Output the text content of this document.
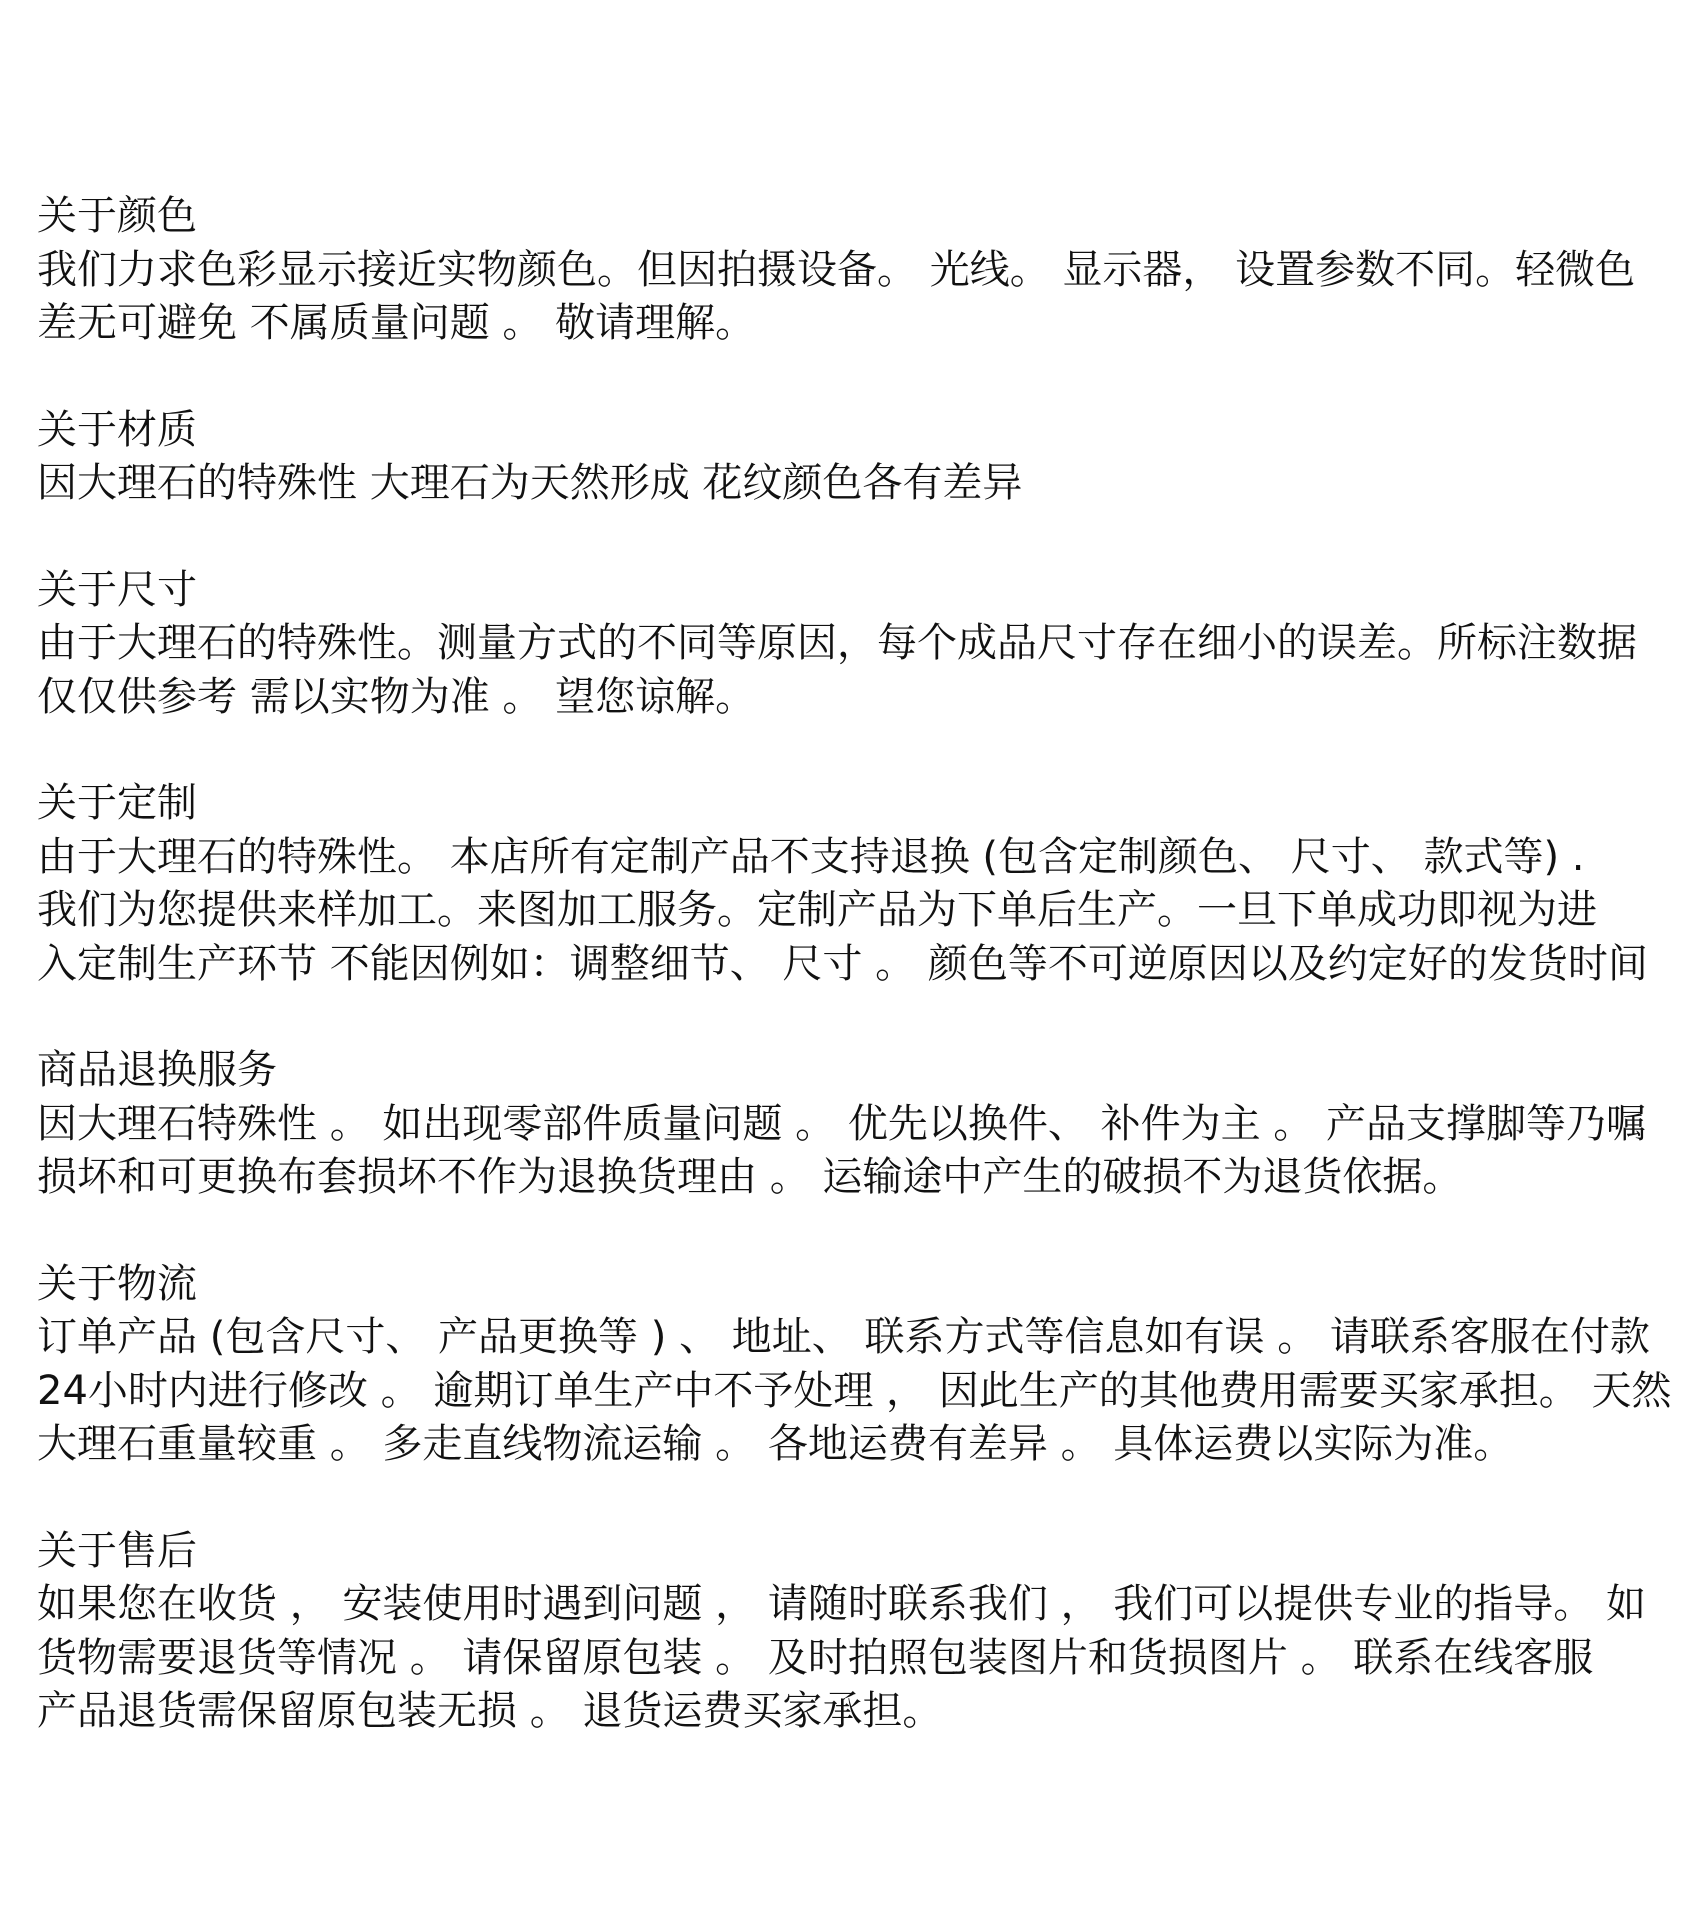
关于颜色
我们力求色彩显示接近实物颜色。但因拍摄设备。 光线。 显示器， 设置参数不同。轻微色
差无可避免 不属质量问题 。 敬请理解。
关于材质
因大理石的特殊性 大理石为天然形成 花纹颜色各有差异
关于尺寸
由于大理石的特殊性。测量方式的不同等原因，每个成品尺寸存在细小的误差。所标注数据
仅仅供参考 需以实物为准 。 望您谅解。
关于定制
由于大理石的特殊性。 本店所有定制产品不支持退换 (包含定制颜色、 尺寸、 款式等) .
我们为您提供来样加工。来图加工服务。定制产品为下单后生产。一旦下单成功即视为进
入定制生产环节 不能因例如：调整细节、 尺寸 。 颜色等不可逆原因以及约定好的发货时间
商品退换服务
因大理石特殊性 。 如出现零部件质量问题 。 优先以换件、 补件为主 。 产品支撑脚等乃嘱
损坏和可更换布套损坏不作为退换货理由 。 运输途中产生的破损不为退货依据。
关于物流
订单产品 (包含尺寸、 产品更换等 ) 、 地址、 联系方式等信息如有误 。 请联系客服在付款
24小时内进行修改 。 逾期订单生产中不予处理 ， 因此生产的其他费用需要买家承担。 天然
大理石重量较重 。 多走直线物流运输 。 各地运费有差异 。 具体运费以实际为准。
关于售后
如果您在收货 ， 安装使用时遇到问题 ， 请随时联系我们 ， 我们可以提供专业的指导。 如
货物需要退货等情况 。 请保留原包装 。 及时拍照包装图片和货损图片 。 联系在线客服
产品退货需保留原包装无损 。 退货运费买家承担。
